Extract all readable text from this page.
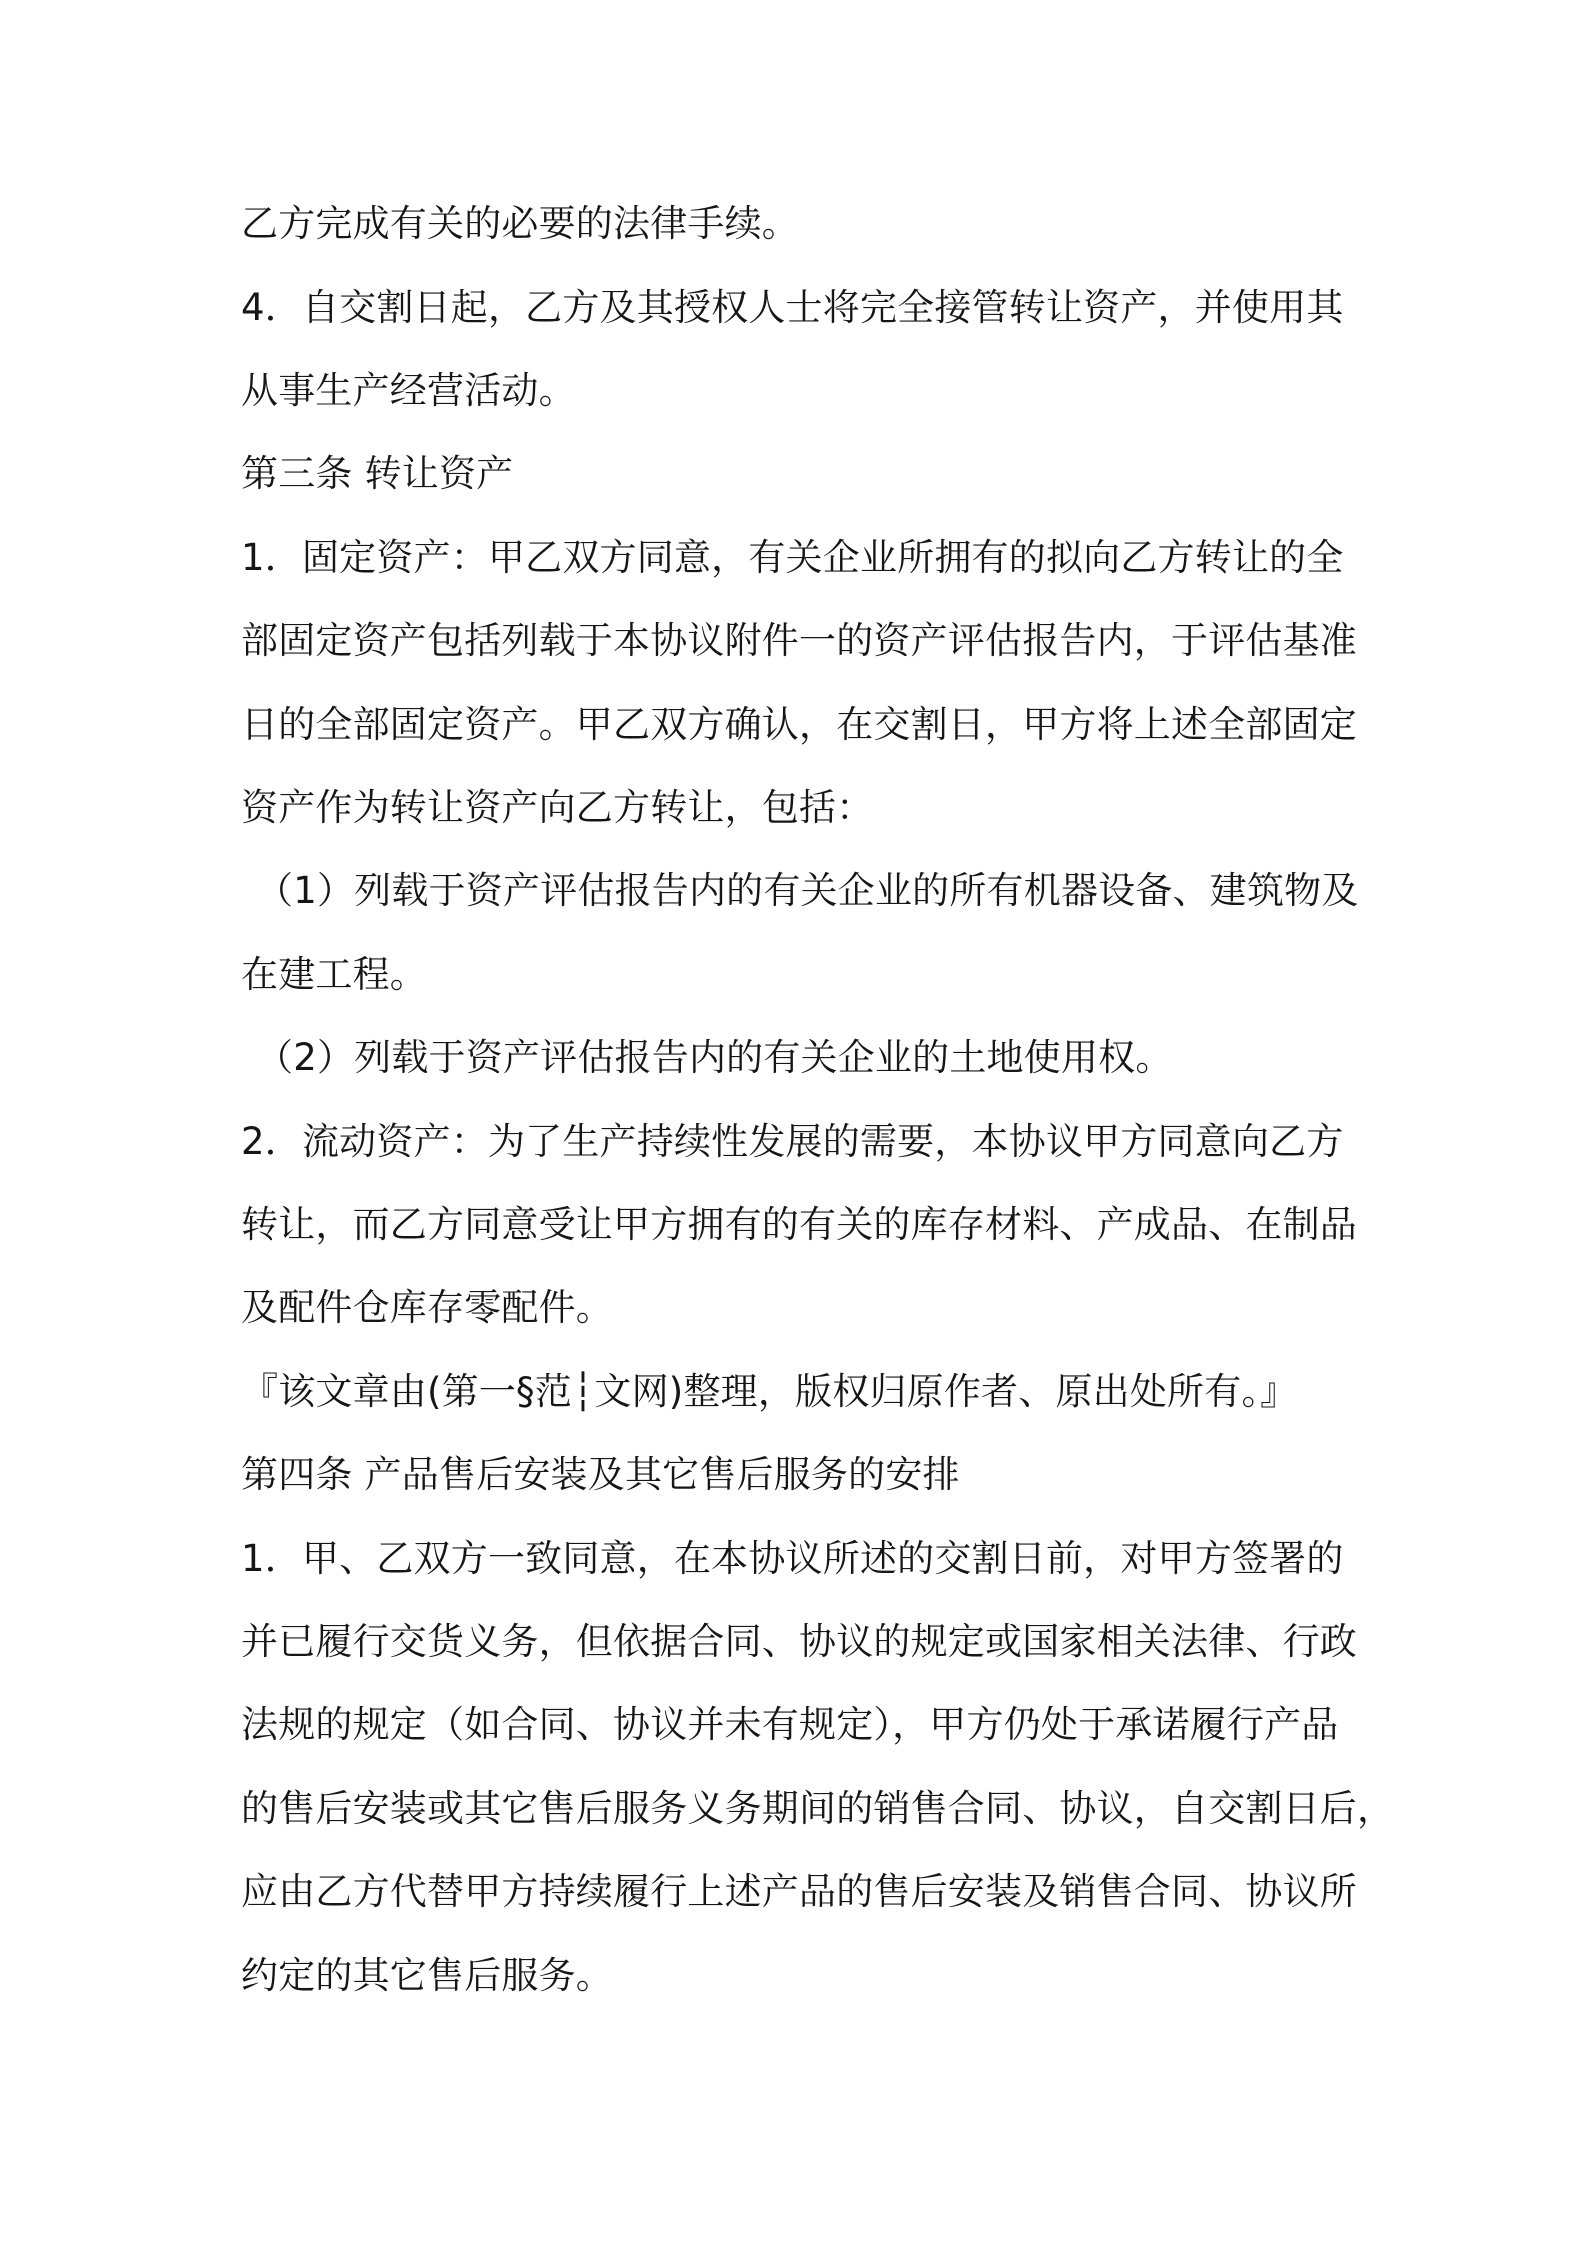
乙方完成有关的必要的法律手续。
4．自交割日起，乙方及其授权人士将完全接管转让资产，并使用其
从事生产经营活动。
第三条 转让资产
1．固定资产：甲乙双方同意，有关企业所拥有的拟向乙方转让的全
部固定资产包括列载于本协议附件一的资产评估报告内，于评估基准
日的全部固定资产。甲乙双方确认，在交割日，甲方将上述全部固定
资产作为转让资产向乙方转让，包括：
（1）列载于资产评估报告内的有关企业的所有机器设备、建筑物及
在建工程。
（2）列载于资产评估报告内的有关企业的土地使用权。
2．流动资产：为了生产持续性发展的需要，本协议甲方同意向乙方
转让，而乙方同意受让甲方拥有的有关的库存材料、产成品、在制品
及配件仓库存零配件。
『该文章由(第一§范┆文网)整理，版权归原作者、原出处所有。』
第四条 产品售后安装及其它售后服务的安排
1．甲、乙双方一致同意，在本协议所述的交割日前，对甲方签署的
并已履行交货义务，但依据合同、协议的规定或国家相关法律、行政
法规的规定（如合同、协议并未有规定），甲方仍处于承诺履行产品
的售后安装或其它售后服务义务期间的销售合同、协议，自交割日后，
应由乙方代替甲方持续履行上述产品的售后安装及销售合同、协议所
约定的其它售后服务。
